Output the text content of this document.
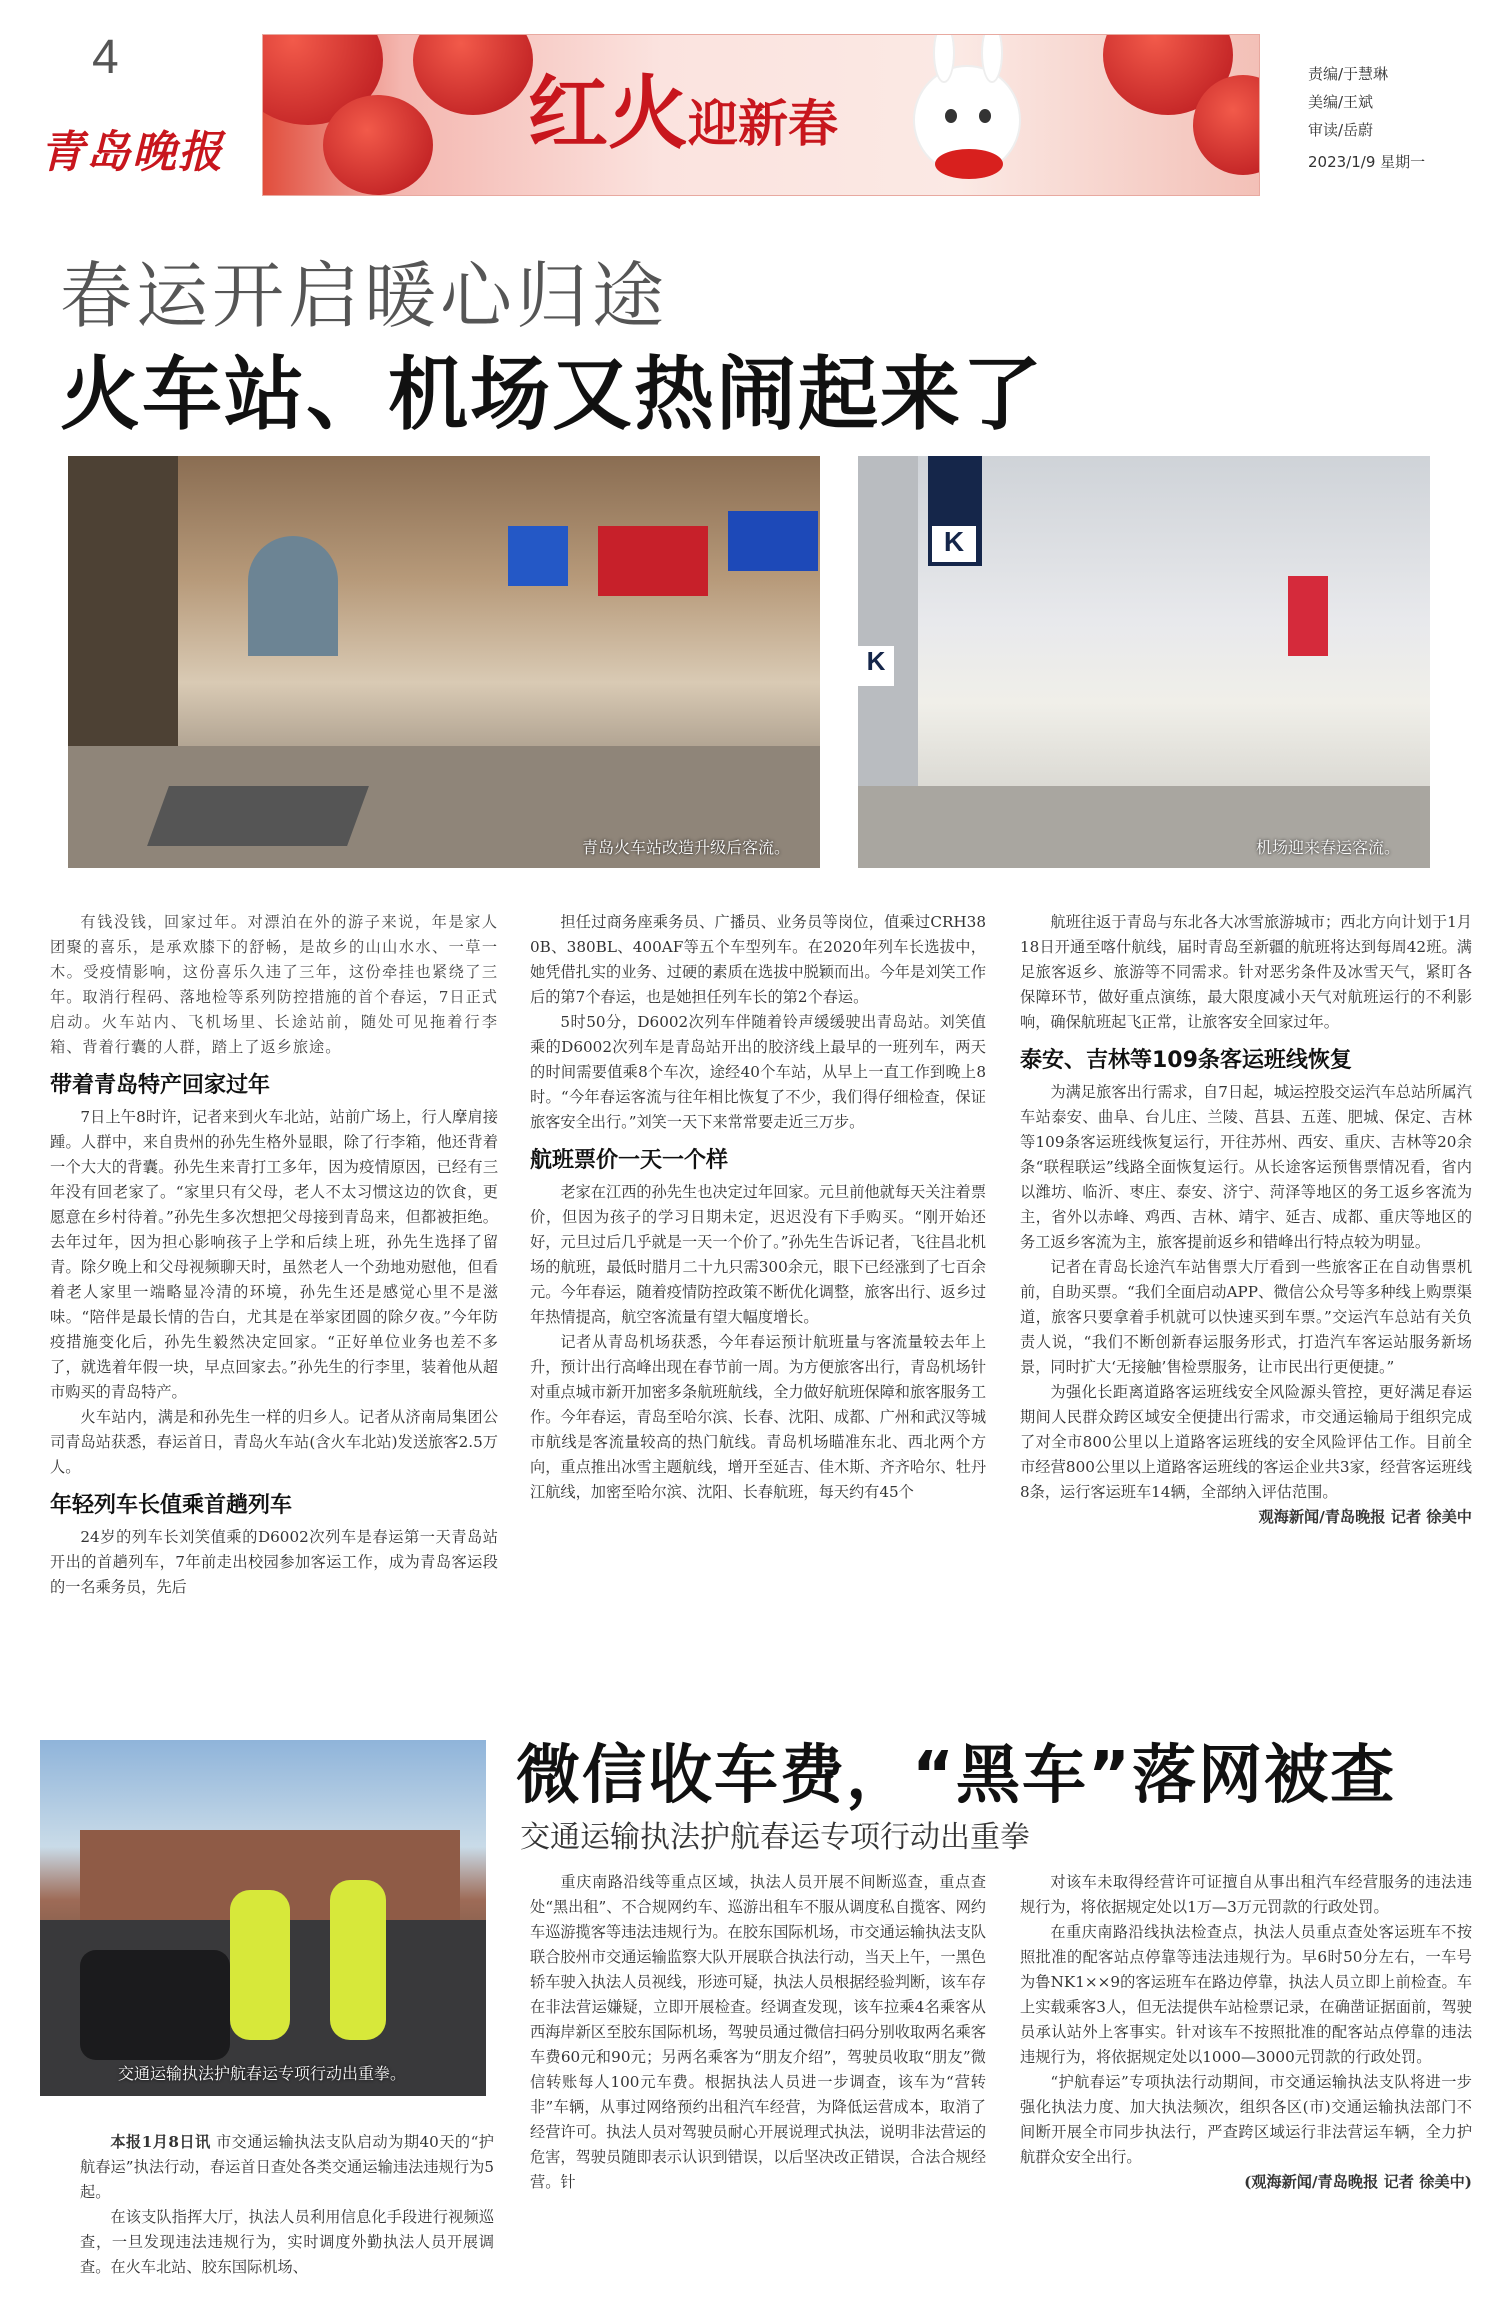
4
青岛晚报	红火迎新春
责编/于慧琳
美编/王斌
审读/岳蔚
2023/1/9 星期一
春运开启暖心归途
火车站、机场又热闹起来了
青岛火车站改造升级后客流。
K
K
机场迎来春运客流。

有钱没钱，回家过年。对漂泊在外的游子来说，年是家人团聚的喜乐，是承欢膝下的舒畅，是故乡的山山水水、一草一木。受疫情影响，这份喜乐久违了三年，这份牵挂也紧绕了三年。取消行程码、落地检等系列防控措施的首个春运，7日正式启动。火车站内、飞机场里、长途站前，随处可见拖着行李箱、背着行囊的人群，踏上了返乡旅途。

带着青岛特产回家过年

7日上午8时许，记者来到火车北站，站前广场上，行人摩肩接踵。人群中，来自贵州的孙先生格外显眼，除了行李箱，他还背着一个大大的背囊。孙先生来青打工多年，因为疫情原因，已经有三年没有回老家了。“家里只有父母，老人不太习惯这边的饮食，更愿意在乡村待着。”孙先生多次想把父母接到青岛来，但都被拒绝。去年过年，因为担心影响孩子上学和后续上班，孙先生选择了留青。除夕晚上和父母视频聊天时，虽然老人一个劲地劝慰他，但看着老人家里一端略显冷清的环境，孙先生还是感觉心里不是滋味。“陪伴是最长情的告白，尤其是在举家团圆的除夕夜。”今年防疫措施变化后，孙先生毅然决定回家。“正好单位业务也差不多了，就选着年假一块，早点回家去。”孙先生的行李里，装着他从超市购买的青岛特产。

火车站内，满是和孙先生一样的归乡人。记者从济南局集团公司青岛站获悉，春运首日，青岛火车站(含火车北站)发送旅客2.5万人。

年轻列车长值乘首趟列车

24岁的列车长刘笑值乘的D6002次列车是春运第一天青岛站开出的首趟列车，7年前走出校园参加客运工作，成为青岛客运段的一名乘务员，先后

担任过商务座乘务员、广播员、业务员等岗位，值乘过CRH380B、380BL、400AF等五个车型列车。在2020年列车长选拔中，她凭借扎实的业务、过硬的素质在选拔中脱颖而出。今年是刘笑工作后的第7个春运，也是她担任列车长的第2个春运。

5时50分，D6002次列车伴随着铃声缓缓驶出青岛站。刘笑值乘的D6002次列车是青岛站开出的胶济线上最早的一班列车，两天的时间需要值乘8个车次，途经40个车站，从早上一直工作到晚上8时。“今年春运客流与往年相比恢复了不少，我们得仔细检查，保证旅客安全出行。”刘笑一天下来常常要走近三万步。

航班票价一天一个样

老家在江西的孙先生也决定过年回家。元旦前他就每天关注着票价，但因为孩子的学习日期未定，迟迟没有下手购买。“刚开始还好，元旦过后几乎就是一天一个价了。”孙先生告诉记者，飞往昌北机场的航班，最低时腊月二十九只需300余元，眼下已经涨到了七百余元。今年春运，随着疫情防控政策不断优化调整，旅客出行、返乡过年热情提高，航空客流量有望大幅度增长。

记者从青岛机场获悉，今年春运预计航班量与客流量较去年上升，预计出行高峰出现在春节前一周。为方便旅客出行，青岛机场针对重点城市新开加密多条航班航线，全力做好航班保障和旅客服务工作。今年春运，青岛至哈尔滨、长春、沈阳、成都、广州和武汉等城市航线是客流量较高的热门航线。青岛机场瞄准东北、西北两个方向，重点推出冰雪主题航线，增开至延吉、佳木斯、齐齐哈尔、牡丹江航线，加密至哈尔滨、沈阳、长春航班，每天约有45个

航班往返于青岛与东北各大冰雪旅游城市；西北方向计划于1月18日开通至喀什航线，届时青岛至新疆的航班将达到每周42班。满足旅客返乡、旅游等不同需求。针对恶劣条件及冰雪天气，紧盯各保障环节，做好重点演练，最大限度减小天气对航班运行的不利影响，确保航班起飞正常，让旅客安全回家过年。

泰安、吉林等109条客运班线恢复

为满足旅客出行需求，自7日起，城运控股交运汽车总站所属汽车站泰安、曲阜、台儿庄、兰陵、莒县、五莲、肥城、保定、吉林等109条客运班线恢复运行，开往苏州、西安、重庆、吉林等20余条“联程联运”线路全面恢复运行。从长途客运预售票情况看，省内以潍坊、临沂、枣庄、泰安、济宁、菏泽等地区的务工返乡客流为主，省外以赤峰、鸡西、吉林、靖宇、延吉、成都、重庆等地区的务工返乡客流为主，旅客提前返乡和错峰出行特点较为明显。

记者在青岛长途汽车站售票大厅看到一些旅客正在自动售票机前，自助买票。“我们全面启动APP、微信公众号等多种线上购票渠道，旅客只要拿着手机就可以快速买到车票。”交运汽车总站有关负责人说，“我们不断创新春运服务形式，打造汽车客运站服务新场景，同时扩大‘无接触’售检票服务，让市民出行更便捷。”

为强化长距离道路客运班线安全风险源头管控，更好满足春运期间人民群众跨区域安全便捷出行需求，市交通运输局于组织完成了对全市800公里以上道路客运班线的安全风险评估工作。目前全市经营800公里以上道路客运班线的客运企业共3家，经营客运班线8条，运行客运班车14辆，全部纳入评估范围。

观海新闻/青岛晚报 记者 徐美中
交通运输执法护航春运专项行动出重拳。
微信收车费，“黑车”落网被查
交通运输执法护航春运专项行动出重拳

本报1月8日讯 市交通运输执法支队启动为期40天的“护航春运”执法行动，春运首日查处各类交通运输违法违规行为5起。

在该支队指挥大厅，执法人员利用信息化手段进行视频巡查，一旦发现违法违规行为，实时调度外勤执法人员开展调查。在火车北站、胶东国际机场、

重庆南路沿线等重点区域，执法人员开展不间断巡查，重点查处“黑出租”、不合规网约车、巡游出租车不服从调度私自揽客、网约车巡游揽客等违法违规行为。在胶东国际机场，市交通运输执法支队联合胶州市交通运输监察大队开展联合执法行动，当天上午，一黑色轿车驶入执法人员视线，形迹可疑，执法人员根据经验判断，该车存在非法营运嫌疑，立即开展检查。经调查发现，该车拉乘4名乘客从西海岸新区至胶东国际机场，驾驶员通过微信扫码分别收取两名乘客车费60元和90元；另两名乘客为“朋友介绍”，驾驶员收取“朋友”微信转账每人100元车费。根据执法人员进一步调查，该车为“营转非”车辆，从事过网络预约出租汽车经营，为降低运营成本，取消了经营许可。执法人员对驾驶员耐心开展说理式执法，说明非法营运的危害，驾驶员随即表示认识到错误，以后坚决改正错误，合法合规经营。针

对该车未取得经营许可证擅自从事出租汽车经营服务的违法违规行为，将依据规定处以1万—3万元罚款的行政处罚。

在重庆南路沿线执法检查点，执法人员重点查处客运班车不按照批准的配客站点停靠等违法违规行为。早6时50分左右，一车号为鲁NK1××9的客运班车在路边停靠，执法人员立即上前检查。车上实载乘客3人，但无法提供车站检票记录，在确凿证据面前，驾驶员承认站外上客事实。针对该车不按照批准的配客站点停靠的违法违规行为，将依据规定处以1000—3000元罚款的行政处罚。

“护航春运”专项执法行动期间，市交通运输执法支队将进一步强化执法力度、加大执法频次，组织各区(市)交通运输执法部门不间断开展全市同步执法行，严查跨区域运行非法营运车辆，全力护航群众安全出行。

(观海新闻/青岛晚报 记者 徐美中)
